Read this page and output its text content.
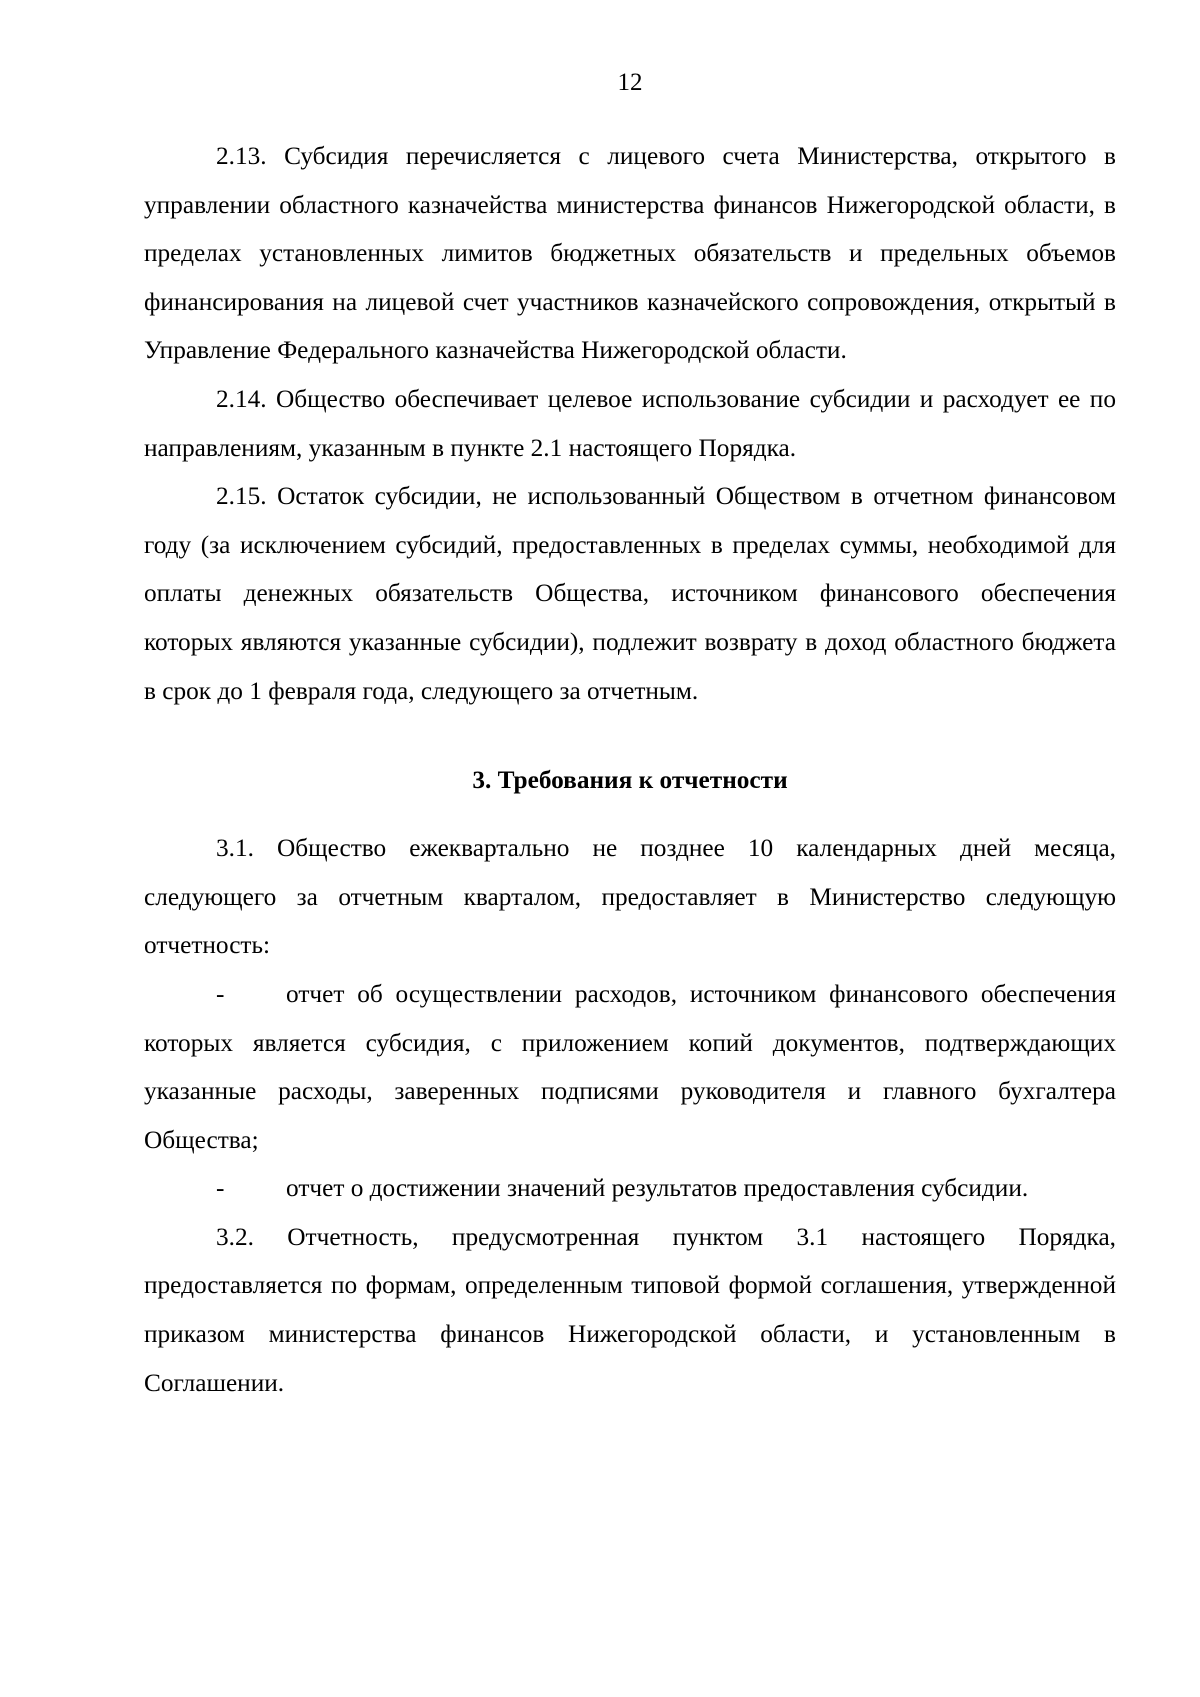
12

2.13. Субсидия перечисляется с лицевого счета Министерства, открытого в управлении областного казначейства министерства финансов Нижегородской области, в пределах установленных лимитов бюджетных обязательств и предельных объемов финансирования на лицевой счет участников казначейского сопровождения, открытый в Управление Федерального казначейства Нижегородской области.

2.14. Общество обеспечивает целевое использование субсидии и расходует ее по направлениям, указанным в пункте 2.1 настоящего Порядка.

2.15. Остаток субсидии, не использованный Обществом в отчетном финансовом году (за исключением субсидий, предоставленных в пределах суммы, необходимой для оплаты денежных обязательств Общества, источником финансового обеспечения которых являются указанные субсидии), подлежит возврату в доход областного бюджета в срок до 1 февраля года, следующего за отчетным.

3. Требования к отчетности

3.1. Общество ежеквартально не позднее 10 календарных дней месяца, следующего за отчетным кварталом, предоставляет в Министерство следующую отчетность:

- отчет об осуществлении расходов, источником финансового обеспечения которых является субсидия, с приложением копий документов, подтверждающих указанные расходы, заверенных подписями руководителя и главного бухгалтера Общества;

- отчет о достижении значений результатов предоставления субсидии.

3.2. Отчетность, предусмотренная пунктом 3.1 настоящего Порядка, предоставляется по формам, определенным типовой формой соглашения, утвержденной приказом министерства финансов Нижегородской области, и установленным в Соглашении.
